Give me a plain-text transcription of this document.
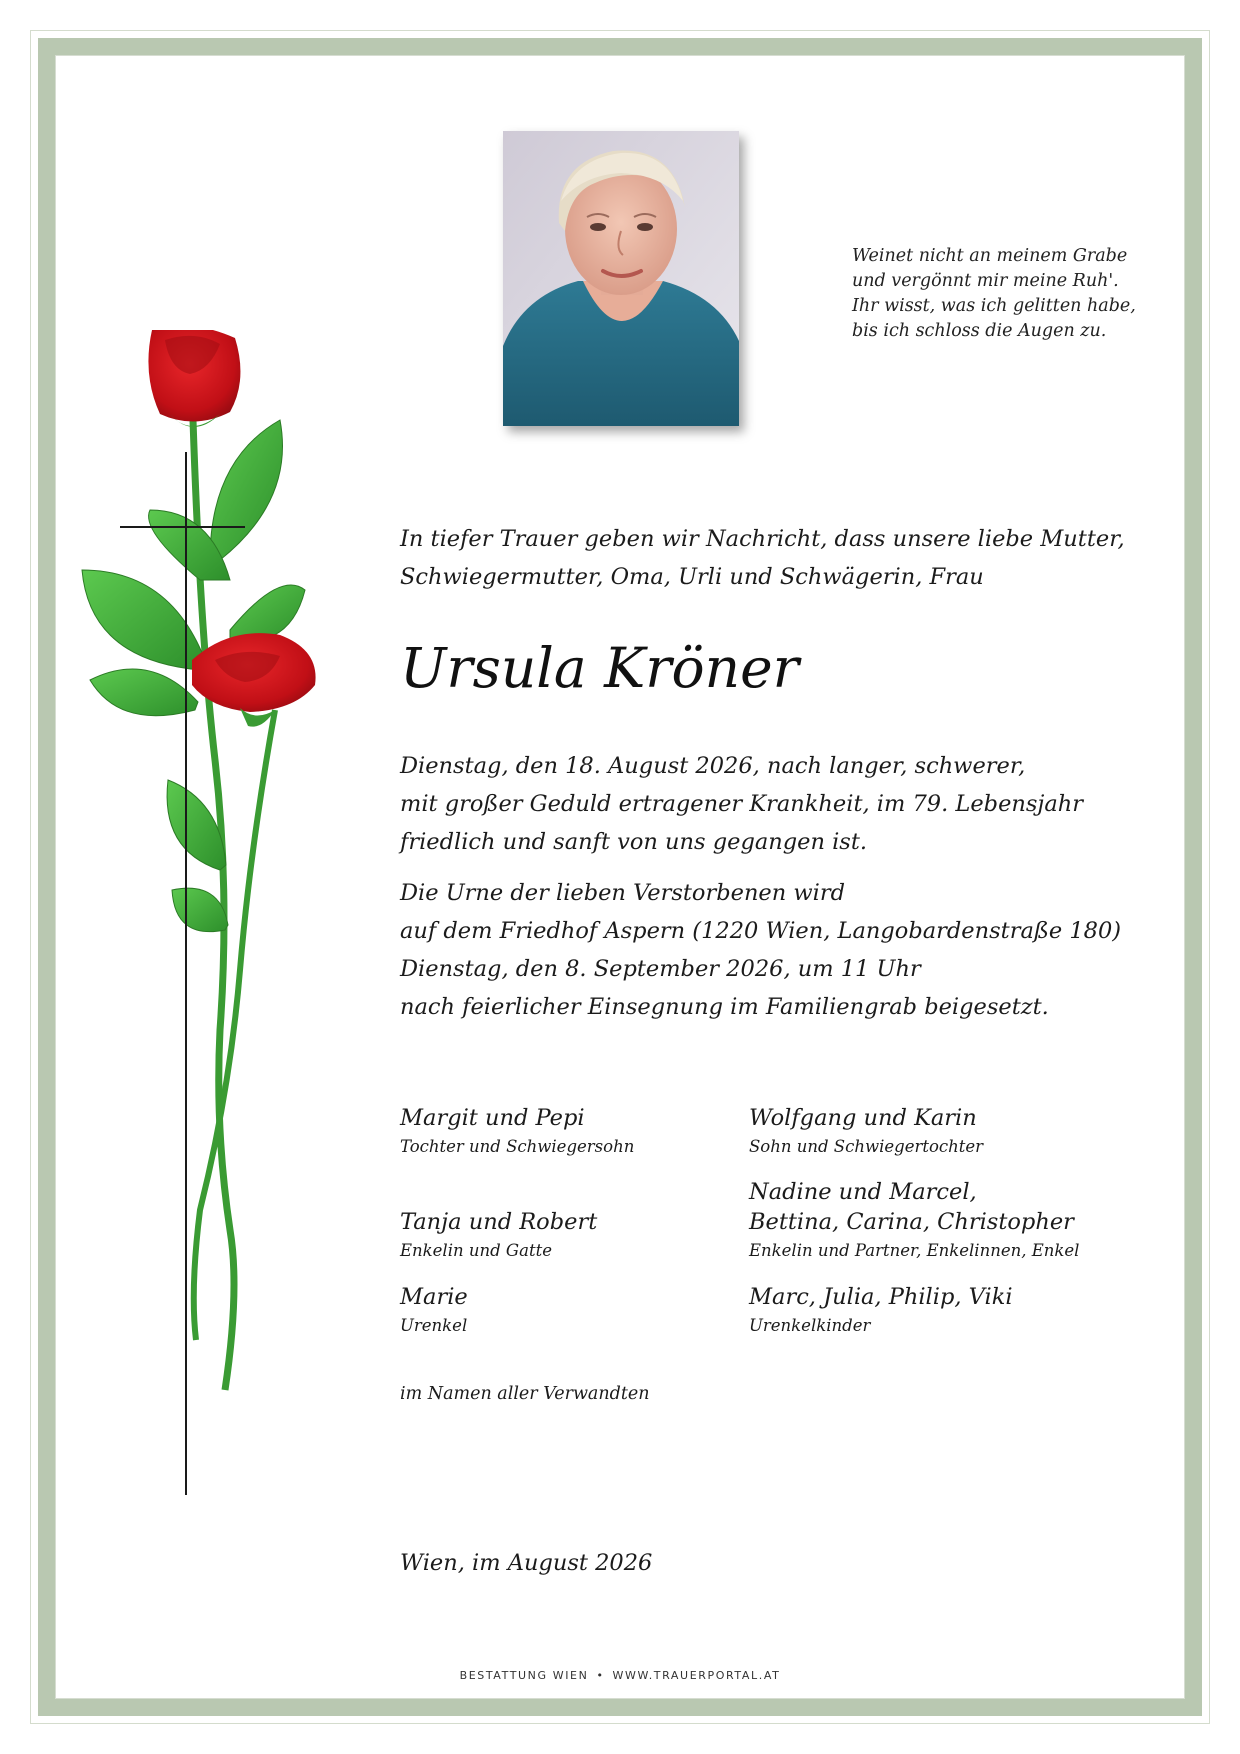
Weinet nicht an meinem Grabe
und vergönnt mir meine Ruh'.
Ihr wisst, was ich gelitten habe,
bis ich schloss die Augen zu.
In tiefer Trauer geben wir Nachricht, dass unsere liebe Mutter,
Schwiegermutter, Oma, Urli und Schwägerin, Frau
Ursula Kröner
Dienstag, den 18. August 2026, nach langer, schwerer,
mit großer Geduld ertragener Krankheit, im 79. Lebensjahr
friedlich und sanft von uns gegangen ist.
Die Urne der lieben Verstorbenen wird
auf dem Friedhof Aspern (1220 Wien, Langobardenstraße 180)
Dienstag, den 8. September 2026, um 11 Uhr
nach feierlicher Einsegnung im Familiengrab beigesetzt.
Margit und Pepi
Tochter und Schwiegersohn
Wolfgang und Karin
Sohn und Schwiegertochter
Tanja und Robert
Enkelin und Gatte
Nadine und Marcel,
Bettina, Carina, Christopher
Enkelin und Partner, Enkelinnen, Enkel
Marie
Urenkel
Marc, Julia, Philip, Viki
Urenkelkinder
im Namen aller Verwandten
Wien, im August 2026
BESTATTUNG WIEN • WWW.TRAUERPORTAL.AT
